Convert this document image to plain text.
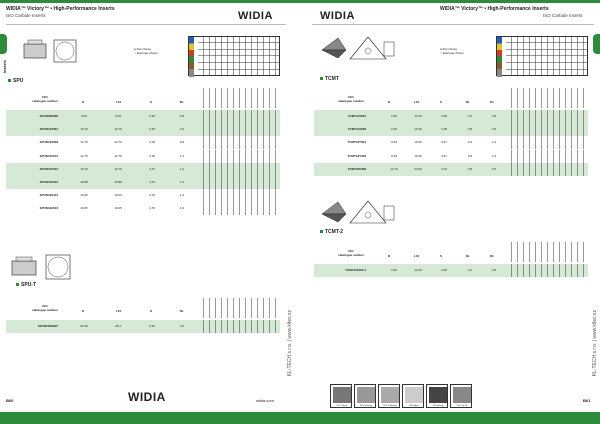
WIDIA™ Victory™ • High-Performance Inserts
ISO Carbide Inserts	WIDIA
Inserts
● first choice
○ alternate choice
SPU
ISO
catalogue number	D	L10	S	Rε
SPUN090308	9,53	9,53	3,18	0,8
SPUN120304	12,70	12,70	3,18	0,4
SPUN120308	12,70	12,70	3,18	0,8
SPUN120312	12,70	12,70	3,18	1,2
SPUN120412	12,70	12,70	4,76	1,2
SPUN150412	15,88	15,88	4,76	1,2
SPUN190412	19,05	19,05	4,76	1,2
SPUN190616	19,05	19,05	4,76	1,6
SPU-T
ISO
catalogue number	D	L10	S	Rε
SPUN250620T	25,40	25,4	6,35	2,0	KL-TECH s.r.o. | www.kltec.cz
B60	WIDIA	widia.com
WIDIA™ Victory™ • High-Performance Inserts
ISO Carbide Inserts
WIDIA
● first choice
○ alternate choice
TCMT
ISO
catalogue number	D	L10	S	Rε	D1
TCMT110204	6,35	11,00	2,38	0,4	2,8
TCMT110208	6,35	11,00	2,38	0,8	2,8
TCMT16T304	9,53	16,50	3,97	0,4	4,4
TCMT16T308	9,53	16,50	3,97	0,8	4,4
TCMT220408	12,70	22,00	4,76	0,8	5,5
TCMT-2
ISO
catalogue number	D	L10	S	Rε	D1
TCMT110204-2	6,35	11,00	2,38	0,4	2,8
KL-TECH s.r.o. | www.kltec.cz
ISO-Turning	ISO-Grooving	ISO-Threading	ISO-Milling	ISO-Boring	ISO-Cut Off
B61
